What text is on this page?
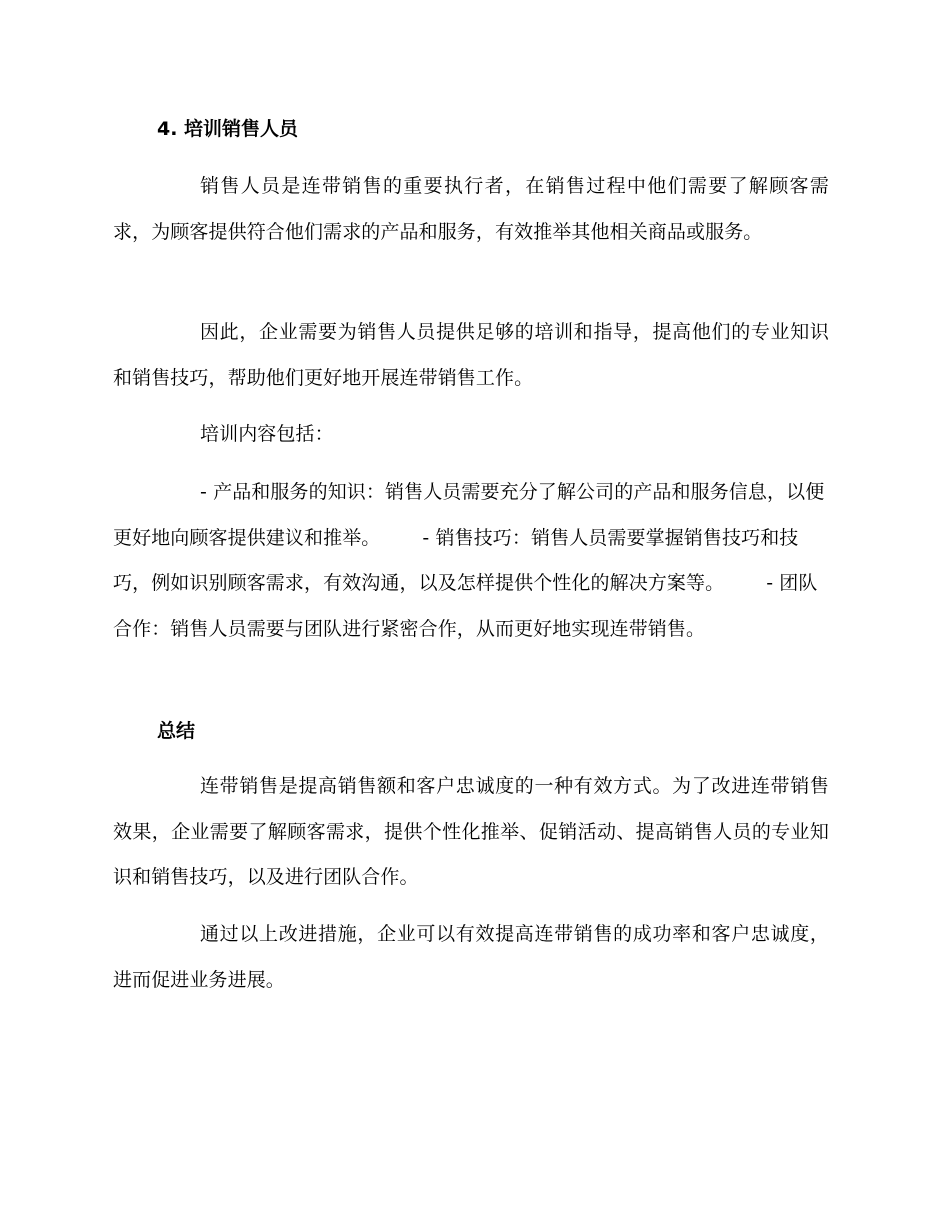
4. 培训销售人员

销售人员是连带销售的重要执行者，在销售过程中他们需要了解顾客需求，为顾客提供符合他们需求的产品和服务，有效推举其他相关商品或服务。

因此，企业需要为销售人员提供足够的培训和指导，提高他们的专业知识和销售技巧，帮助他们更好地开展连带销售工作。

培训内容包括：

- 产品和服务的知识：销售人员需要充分了解公司的产品和服务信息，以便更好地向顾客提供建议和推举。 - 销售技巧：销售人员需要掌握销售技巧和技巧，例如识别顾客需求，有效沟通，以及怎样提供个性化的解决方案等。 - 团队合作：销售人员需要与团队进行紧密合作，从而更好地实现连带销售。

总结

连带销售是提高销售额和客户忠诚度的一种有效方式。为了改进连带销售效果，企业需要了解顾客需求，提供个性化推举、促销活动、提高销售人员的专业知识和销售技巧，以及进行团队合作。

通过以上改进措施，企业可以有效提高连带销售的成功率和客户忠诚度，进而促进业务进展。
